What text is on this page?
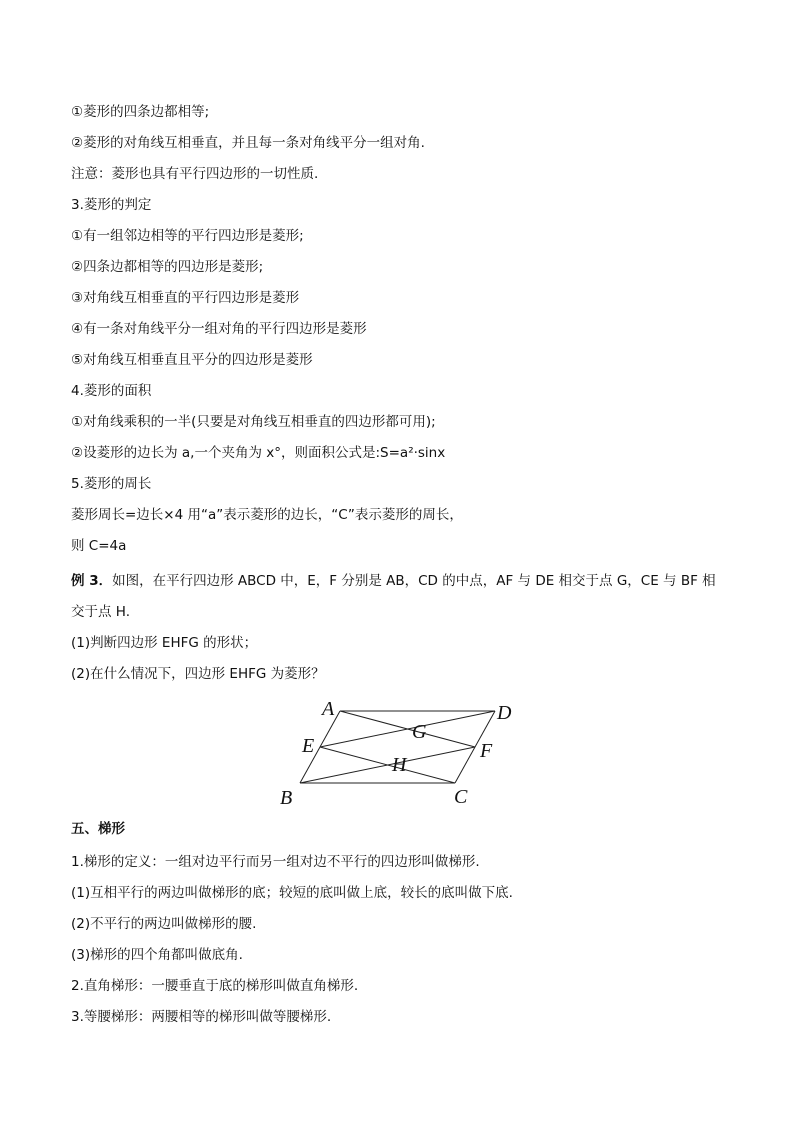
①菱形的四条边都相等;
②菱形的对角线互相垂直，并且每一条对角线平分一组对角.
注意：菱形也具有平行四边形的一切性质.
3.菱形的判定
①有一组邻边相等的平行四边形是菱形;
②四条边都相等的四边形是菱形;
③对角线互相垂直的平行四边形是菱形
④有一条对角线平分一组对角的平行四边形是菱形
⑤对角线互相垂直且平分的四边形是菱形
4.菱形的面积
①对角线乘积的一半(只要是对角线互相垂直的四边形都可用);
②设菱形的边长为 a,一个夹角为 x°，则面积公式是:S=a²·sinx
5.菱形的周长
菱形周长=边长×4 用“a”表示菱形的边长，“C”表示菱形的周长，
则 C=4a
例 3．如图，在平行四边形 ABCD 中，E，F 分别是 AB，CD 的中点，AF 与 DE 相交于点 G，CE 与 BF 相
交于点 H.
(1)判断四边形 EHFG 的形状；
(2)在什么情况下，四边形 EHFG 为菱形？
A	D
E
G
F
H
B	C
五、梯形
1.梯形的定义：一组对边平行而另一组对边不平行的四边形叫做梯形.
(1)互相平行的两边叫做梯形的底；较短的底叫做上底，较长的底叫做下底.
(2)不平行的两边叫做梯形的腰.
(3)梯形的四个角都叫做底角.
2.直角梯形：一腰垂直于底的梯形叫做直角梯形.
3.等腰梯形：两腰相等的梯形叫做等腰梯形.
